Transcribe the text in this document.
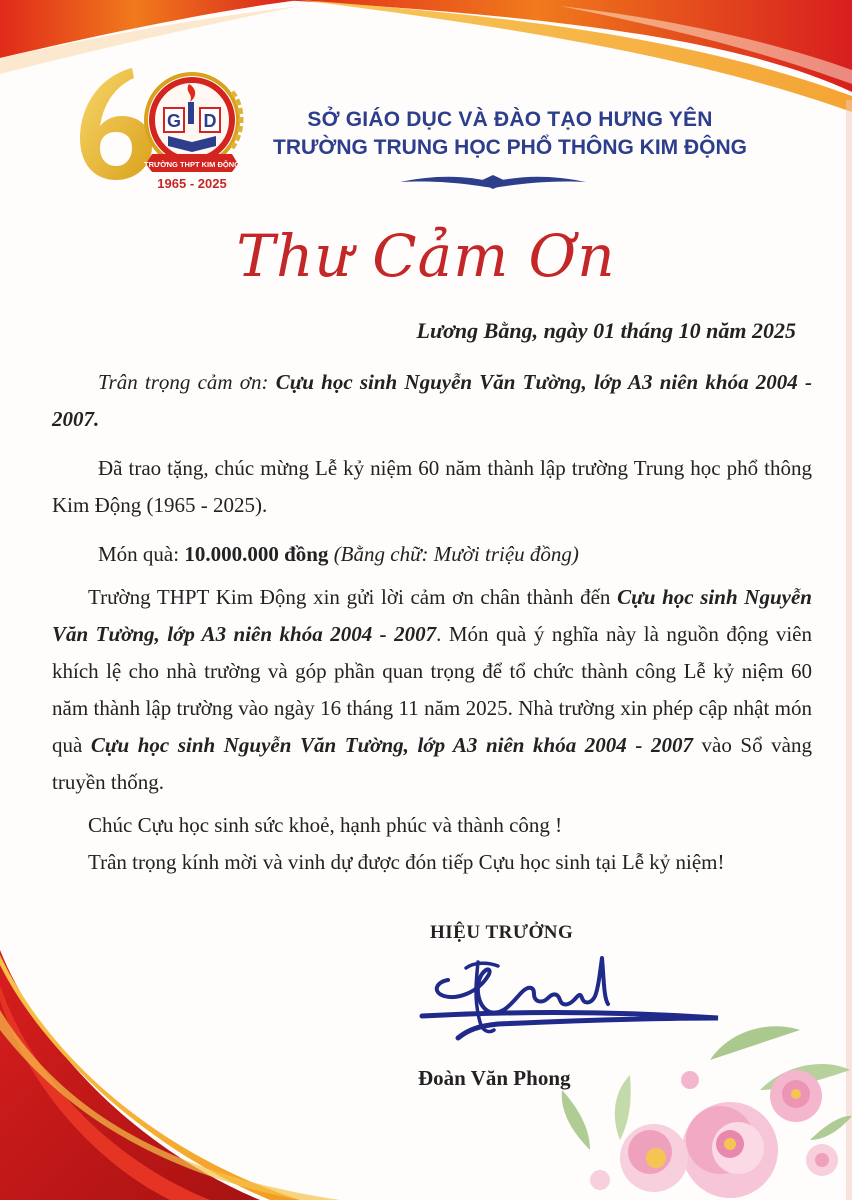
G D
TRƯỜNG THPT KIM ĐỘNG
1965 - 2025
SỞ GIÁO DỤC VÀ ĐÀO TẠO HƯNG YÊN
TRƯỜNG TRUNG HỌC PHỔ THÔNG KIM ĐỘNG
Thư Cảm Ơn
Lương Bằng, ngày 01 tháng 10 năm 2025

Trân trọng cảm ơn: Cựu học sinh Nguyễn Văn Tường, lớp A3 niên khóa 2004 - 2007.

Đã trao tặng, chúc mừng Lễ kỷ niệm 60 năm thành lập trường Trung học phổ thông Kim Động (1965 - 2025).

Món quà: 10.000.000 đồng (Bằng chữ: Mười triệu đồng)

Trường THPT Kim Động xin gửi lời cảm ơn chân thành đến Cựu học sinh Nguyễn Văn Tường, lớp A3 niên khóa 2004 - 2007. Món quà ý nghĩa này là nguồn động viên khích lệ cho nhà trường và góp phần quan trọng để tổ chức thành công Lễ kỷ niệm 60 năm thành lập trường vào ngày 16 tháng 11 năm 2025. Nhà trường xin phép cập nhật món quà Cựu học sinh Nguyễn Văn Tường, lớp A3 niên khóa 2004 - 2007 vào Sổ vàng truyền thống.

Chúc Cựu học sinh sức khoẻ, hạnh phúc và thành công !

Trân trọng kính mời và vinh dự được đón tiếp Cựu học sinh tại Lễ kỷ niệm!

HIỆU TRƯỞNG
Đoàn Văn Phong
